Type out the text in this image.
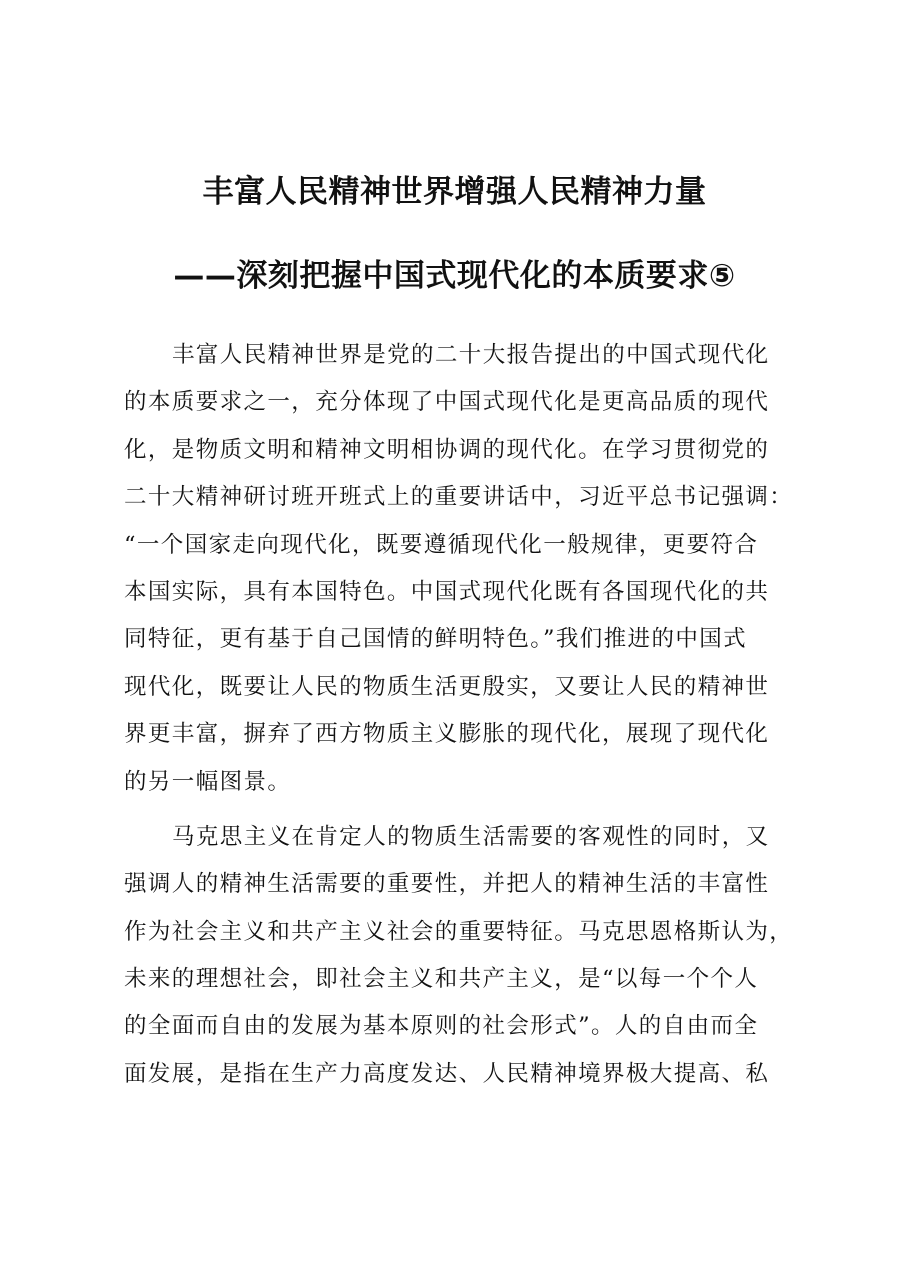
丰富人民精神世界增强人民精神力量
——深刻把握中国式现代化的本质要求⑤
丰富人民精神世界是党的二十大报告提出的中国式现代化
的本质要求之一，充分体现了中国式现代化是更高品质的现代
化，是物质文明和精神文明相协调的现代化。在学习贯彻党的
二十大精神研讨班开班式上的重要讲话中，习近平总书记强调：
“一个国家走向现代化，既要遵循现代化一般规律，更要符合
本国实际，具有本国特色。中国式现代化既有各国现代化的共
同特征，更有基于自己国情的鲜明特色。”我们推进的中国式
现代化，既要让人民的物质生活更殷实，又要让人民的精神世
界更丰富，摒弃了西方物质主义膨胀的现代化，展现了现代化
的另一幅图景。
马克思主义在肯定人的物质生活需要的客观性的同时，又
强调人的精神生活需要的重要性，并把人的精神生活的丰富性
作为社会主义和共产主义社会的重要特征。马克思恩格斯认为，
未来的理想社会，即社会主义和共产主义，是“以每一个个人
的全面而自由的发展为基本原则的社会形式”。人的自由而全
面发展，是指在生产力高度发达、人民精神境界极大提高、私
